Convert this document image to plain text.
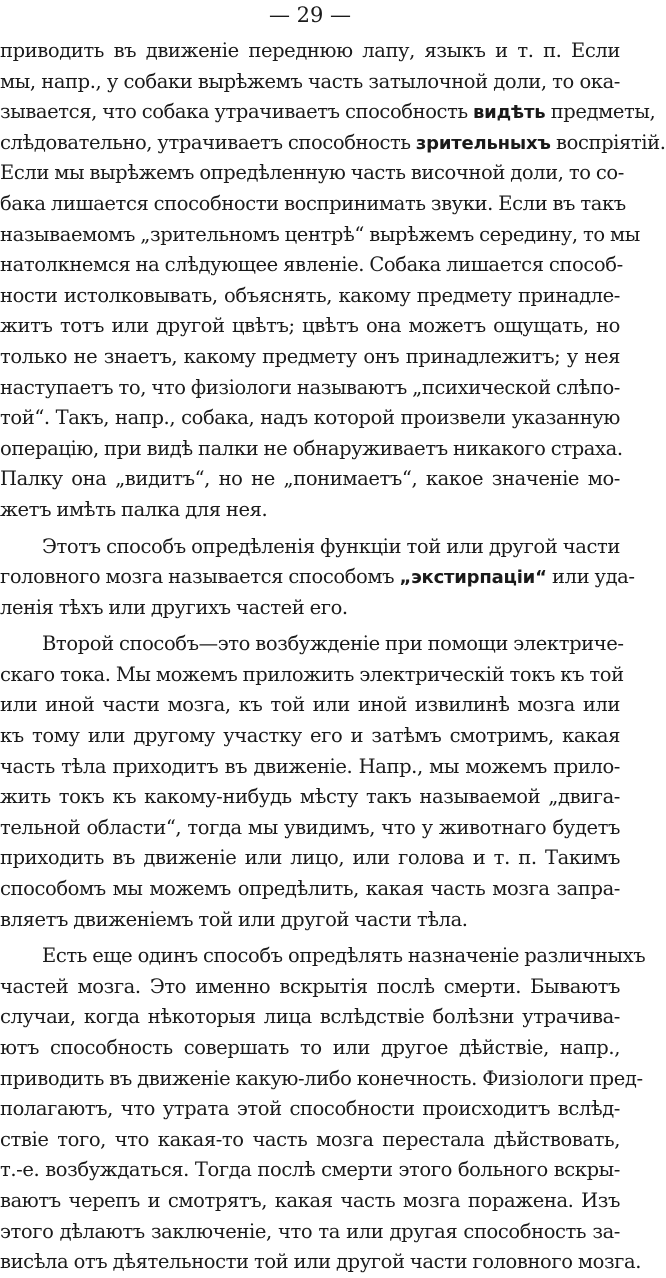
— 29 —
приводить въ движеніе переднюю лапу, языкъ и т. п. Если
мы, напр., у собаки вырѣжемъ часть затылочной доли, то ока-
зывается, что собака утрачиваетъ способность видѣть предметы,
слѣдовательно, утрачиваетъ способность зрительныхъ воспріятій.
Если мы вырѣжемъ опредѣленную часть височной доли, то со-
бака лишается способности воспринимать звуки. Если въ такъ
называемомъ „зрительномъ центрѣ“ вырѣжемъ середину, то мы
натолкнемся на слѣдующее явленіе. Собака лишается способ-
ности истолковывать, объяснять, какому предмету принадле-
житъ тотъ или другой цвѣтъ; цвѣтъ она можетъ ощущать, но
только не знаетъ, какому предмету онъ принадлежитъ; у нея
наступаетъ то, что физіологи называютъ „психической слѣпо-
той“. Такъ, напр., собака, надъ которой произвели указанную
операцію, при видѣ палки не обнаруживаетъ никакого страха.
Палку она „видитъ“, но не „понимаетъ“, какое значеніе мо-
жетъ имѣть палка для нея.
Этотъ способъ опредѣленія функціи той или другой части
головного мозга называется способомъ „экстирпаціи“ или уда-
ленія тѣхъ или другихъ частей его.
Второй способъ—это возбужденіе при помощи электриче-
скаго тока. Мы можемъ приложить электрическій токъ къ той
или иной части мозга, къ той или иной извилинѣ мозга или
къ тому или другому участку его и затѣмъ смотримъ, какая
часть тѣла приходитъ въ движеніе. Напр., мы можемъ прило-
жить токъ къ какому-нибудь мѣсту такъ называемой „двига-
тельной области“, тогда мы увидимъ, что у животнаго будетъ
приходить въ движеніе или лицо, или голова и т. п. Такимъ
способомъ мы можемъ опредѣлить, какая часть мозга запра-
вляетъ движеніемъ той или другой части тѣла.
Есть еще одинъ способъ опредѣлять назначеніе различныхъ
частей мозга. Это именно вскрытія послѣ смерти. Бываютъ
случаи, когда нѣкоторыя лица вслѣдствіе болѣзни утрачива-
ютъ способность совершать то или другое дѣйствіе, напр.,
приводить въ движеніе какую-либо конечность. Физіологи пред-
полагаютъ, что утрата этой способности происходитъ вслѣд-
ствіе того, что какая-то часть мозга перестала дѣйствовать,
т.-е. возбуждаться. Тогда послѣ смерти этого больного вскры-
ваютъ черепъ и смотрятъ, какая часть мозга поражена. Изъ
этого дѣлаютъ заключеніе, что та или другая способность за-
висѣла отъ дѣятельности той или другой части головного мозга.
